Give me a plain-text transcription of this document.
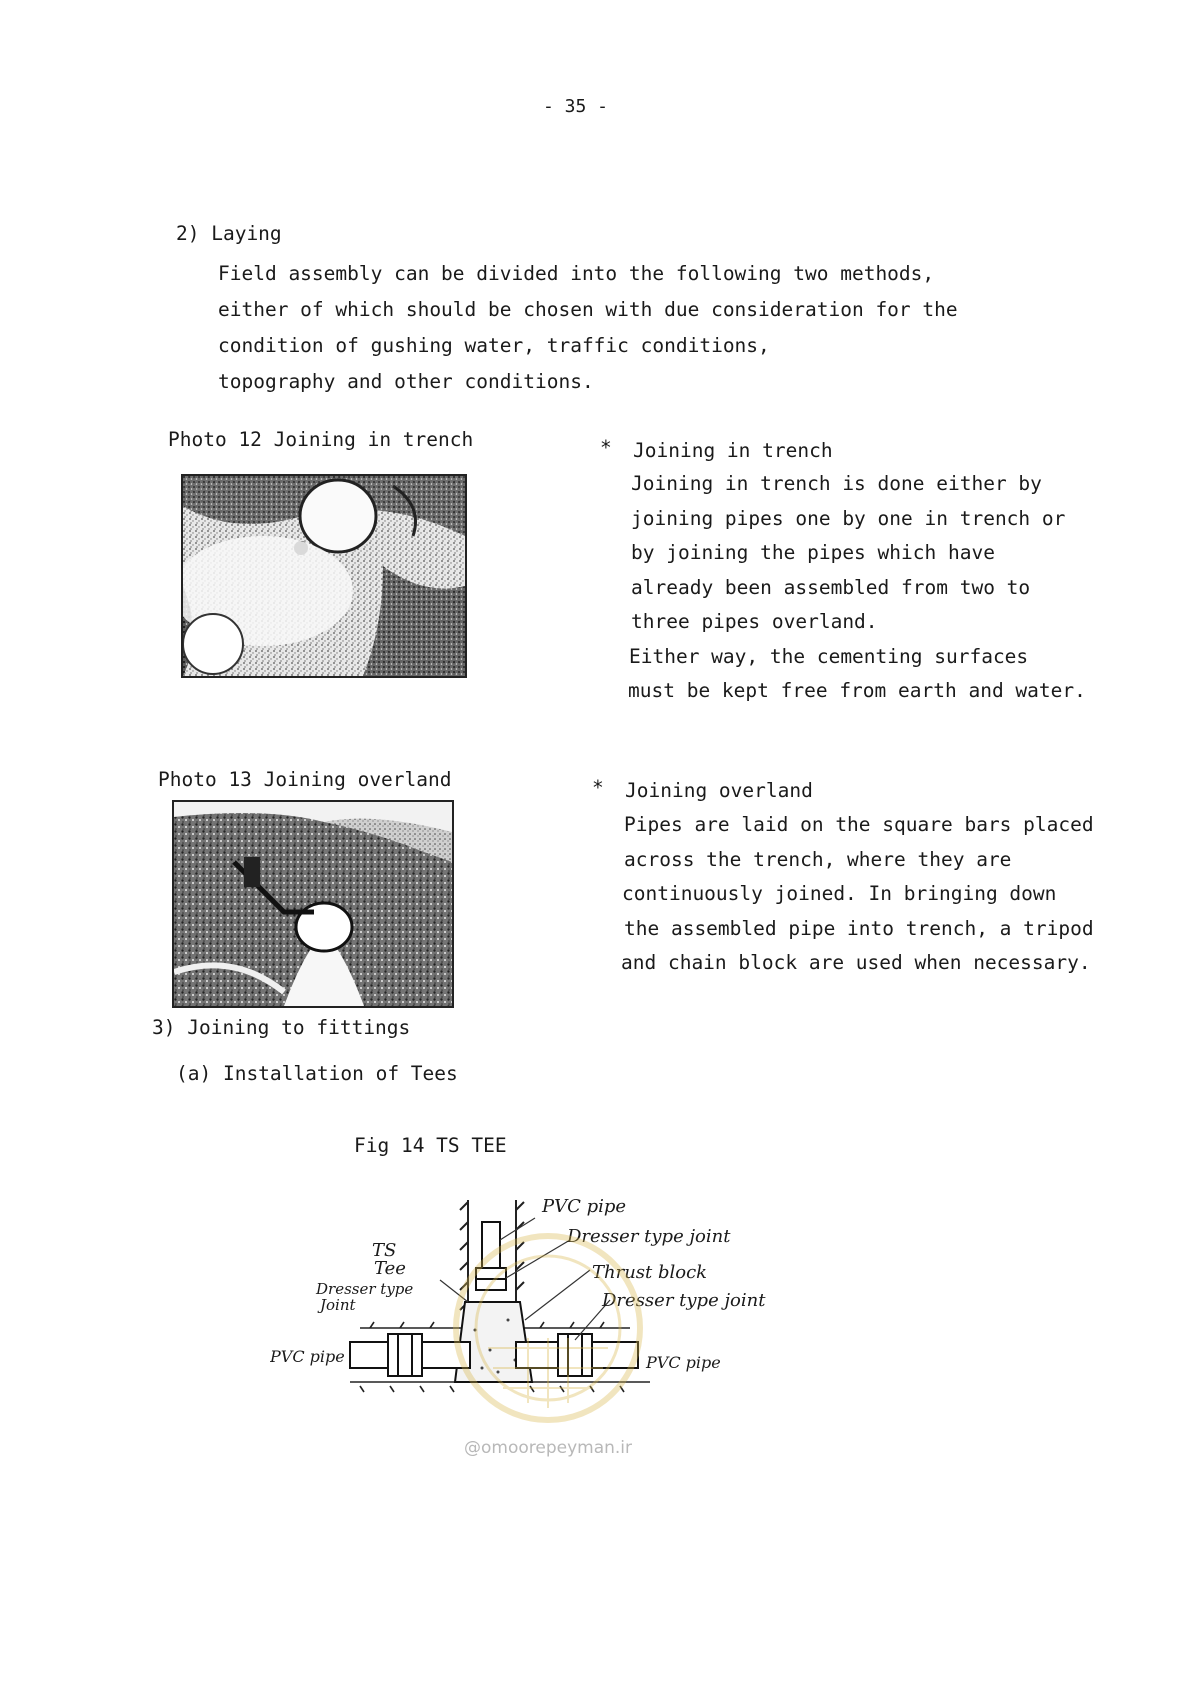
- 35 -
2) Laying
Field assembly can be divided into the following two methods,
either of which should be chosen with due consideration for the
condition of gushing water, traffic conditions,
topography and other conditions.
Photo 12 Joining in trench	* Joining in trench
Joining in trench is done either by
joining pipes one by one in trench or
by joining the pipes which have
already been assembled from two to
three pipes overland.
Either way, the cementing surfaces
must be kept free from earth and water.
Photo 13 Joining overland	* Joining overland
Pipes are laid on the square bars placed
across the trench, where they are
continuously joined. In bringing down
the assembled pipe into trench, a tripod
and chain block are used when necessary.
3) Joining to fittings
(a) Installation of Tees
Fig 14 TS TEE
PVC pipe
Dresser type joint
Thrust block
Dresser type joint
TS
Tee
Dresser type
Joint
PVC pipe	PVC pipe
@omoorepeyman.ir
